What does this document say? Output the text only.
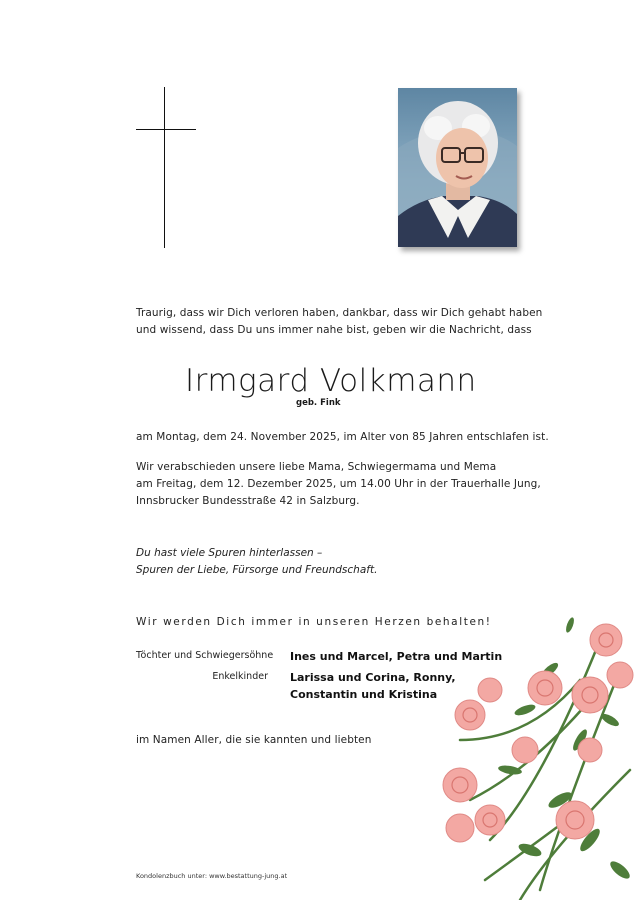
Traurig, dass wir Dich verloren haben, dankbar, dass wir Dich gehabt haben
und wissend, dass Du uns immer nahe bist, geben wir die Nachricht, dass
Irmgard Volkmann
geb. Fink
am Montag, dem 24. November 2025, im Alter von 85 Jahren entschlafen ist.
Wir verabschieden unsere liebe Mama, Schwiegermama und Mema
am Freitag, dem 12. Dezember 2025, um 14.00 Uhr in der Trauerhalle Jung,
Innsbrucker Bundesstraße 42 in Salzburg.
Du hast viele Spuren hinterlassen –
Spuren der Liebe, Fürsorge und Freundschaft.
Wir werden Dich immer in unseren Herzen behalten!
Töchter und Schwiegersöhne Ines und Marcel, Petra und Martin
Enkelkinder Larissa und Corina, Ronny,
Constantin und Kristina
im Namen Aller, die sie kannten und liebten
Kondolenzbuch unter: www.bestattung-jung.at
